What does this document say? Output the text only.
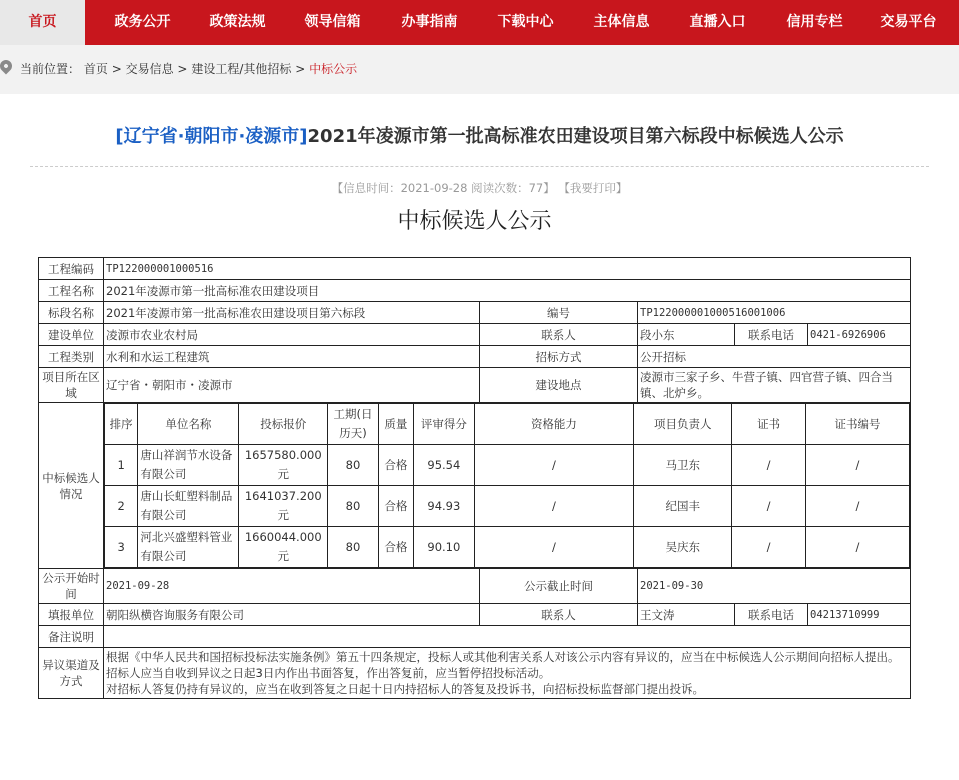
首页	政务公开	政策法规	领导信箱	办事指南	下载中心	主体信息	直播入口	信用专栏	交易平台
当前位置： 首页 > 交易信息 > 建设工程/其他招标 > 中标公示
[辽宁省·朝阳市·凌源市]2021年凌源市第一批高标准农田建设项目第六标段中标候选人公示
【信息时间：2021-09-28 阅读次数：77】 【我要打印】
中标候选人公示
工程编码	TP122000001000516
工程名称	2021年凌源市第一批高标准农田建设项目
标段名称	2021年凌源市第一批高标准农田建设项目第六标段	编号	TP122000001000516001006
建设单位	凌源市农业农村局	联系人	段小东	联系电话	0421-6926906
工程类别	水利和水运工程建筑	招标方式	公开招标
项目所在区域	辽宁省・朝阳市・凌源市	建设地点	凌源市三家子乡、牛营子镇、四官营子镇、四合当镇、北炉乡。
中标候选人情况	
排序	单位名称	投标报价	工期(日历天)	质量	评审得分	资格能力	项目负责人	证书	证书编号
1	唐山祥润节水设备有限公司	1657580.000元	80	合格	95.54	/	马卫东	/	/
2	唐山长虹塑料制品有限公司	1641037.200元	80	合格	94.93	/	纪国丰	/	/
3	河北兴盛塑料管业有限公司	1660044.000元	80	合格	90.10	/	吴庆东	/	/

公示开始时间	2021-09-28	公示截止时间	2021-09-30
填报单位	朝阳纵横咨询服务有限公司	联系人	王文涛	联系电话	04213710999
备注说明	
异议渠道及方式	
根据《中华人民共和国招标投标法实施条例》第五十四条规定，投标人或其他利害关系人对该公示内容有异议的，应当在中标候选人公示期间向招标人提出。
招标人应当自收到异议之日起3日内作出书面答复，作出答复前，应当暂停招投标活动。
对招标人答复仍持有异议的，应当在收到答复之日起十日内持招标人的答复及投诉书，向招标投标监督部门提出投诉。
